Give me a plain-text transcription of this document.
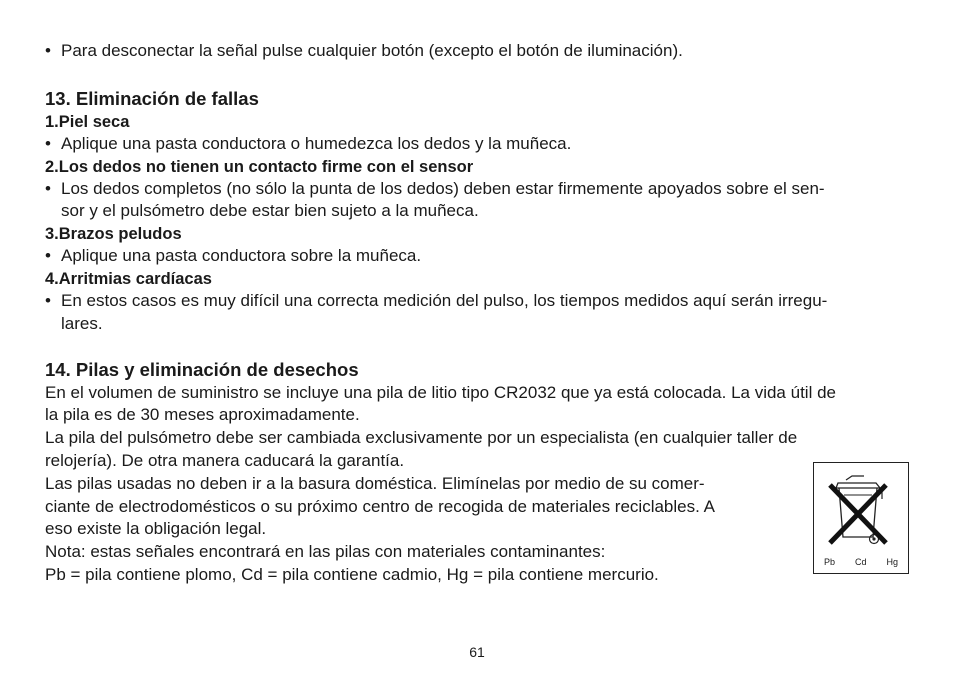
• Para desconectar la señal pulse cualquier botón (excepto el botón de iluminación).

13. Eliminación de fallas

1.Piel seca

• Aplique una pasta conductora o humedezca los dedos y la muñeca.

2.Los dedos no tienen un contacto firme con el sensor

• Los dedos completos (no sólo la punta de los dedos) deben estar firmemente apoyados sobre el sen-
sor y el pulsómetro debe estar bien sujeto a la muñeca.

3.Brazos peludos

• Aplique una pasta conductora sobre la muñeca.

4.Arritmias cardíacas

• En estos casos es muy difícil una correcta medición del pulso, los tiempos medidos aquí serán irregu-
lares.

14. Pilas y eliminación de desechos

En el volumen de suministro se incluye una pila de litio tipo CR2032 que ya está colocada. La vida útil de
la pila es de 30 meses aproximadamente.

La pila del pulsómetro debe ser cambiada exclusivamente por un especialista (en cualquier taller de
relojería). De otra manera caducará la garantía.

Las pilas usadas no deben ir a la basura doméstica. Elimínelas por medio de su comer-
ciante de electrodomésticos o su próximo centro de recogida de materiales reciclables. A
eso existe la obligación legal.

Nota: estas señales encontrará en las pilas con materiales contaminantes:
Pb = pila contiene plomo, Cd = pila contiene cadmio, Hg = pila contiene mercurio.

Pb Cd Hg
61
